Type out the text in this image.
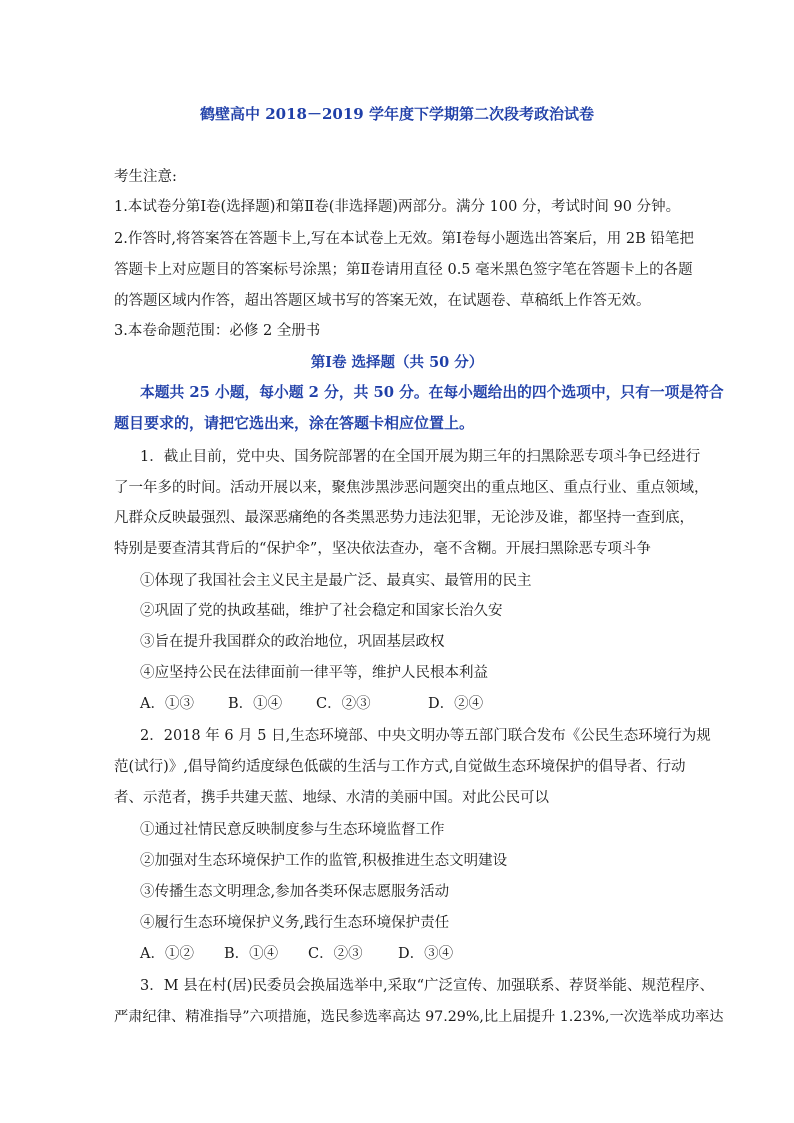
鹤壁高中 2018－2019 学年度下学期第二次段考政治试卷
考生注意:
1.本试卷分第Ⅰ卷(选择题)和第Ⅱ卷(非选择题)两部分。满分 100 分，考试时间 90 分钟。
2.作答时,将答案答在答题卡上,写在本试卷上无效。第Ⅰ卷每小题选出答案后，用 2B 铅笔把
答题卡上对应题目的答案标号涂黑；第Ⅱ卷请用直径 0.5 毫米黑色签字笔在答题卡上的各题
的答题区域内作答，超出答题区域书写的答案无效，在试题卷、草稿纸上作答无效。
3.本卷命题范围：必修 2 全册书
第Ⅰ卷 选择题（共 50 分）
本题共 25 小题，每小题 2 分，共 50 分。在每小题给出的四个选项中，只有一项是符合
题目要求的，请把它选出来，涂在答题卡相应位置上。
1．截止目前，党中央、国务院部署的在全国开展为期三年的扫黑除恶专项斗争已经进行
了一年多的时间。活动开展以来，聚焦涉黑涉恶问题突出的重点地区、重点行业、重点领域，
凡群众反映最强烈、最深恶痛绝的各类黑恶势力违法犯罪，无论涉及谁，都坚持一查到底，
特别是要查清其背后的“保护伞”，坚决依法查办，毫不含糊。开展扫黑除恶专项斗争
①体现了我国社会主义民主是最广泛、最真实、最管用的民主
②巩固了党的执政基础，维护了社会稳定和国家长治久安
③旨在提升我国群众的政治地位，巩固基层政权
④应坚持公民在法律面前一律平等，维护人民根本利益
A．①③ B．①④ C．②③	D．②④
2．2018 年 6 月 5 日,生态环境部、中央文明办等五部门联合发布《公民生态环境行为规
范(试行)》,倡导简约适度绿色低碳的生活与工作方式,自觉做生态环境保护的倡导者、行动
者、示范者，携手共建天蓝、地绿、水清的美丽中国。对此公民可以
①通过社情民意反映制度参与生态环境监督工作
②加强对生态环境保护工作的监管,积极推进生态文明建设
③传播生态文明理念,参加各类环保志愿服务活动
④履行生态环境保护义务,践行生态环境保护责任
A．①② B．①④ C．②③ D．③④
3．M 县在村(居)民委员会换届选举中,采取“广泛宣传、加强联系、荐贤举能、规范程序、
严肃纪律、精准指导”六项措施，选民参选率高达 97.29%,比上届提升 1.23%,一次选举成功率达
